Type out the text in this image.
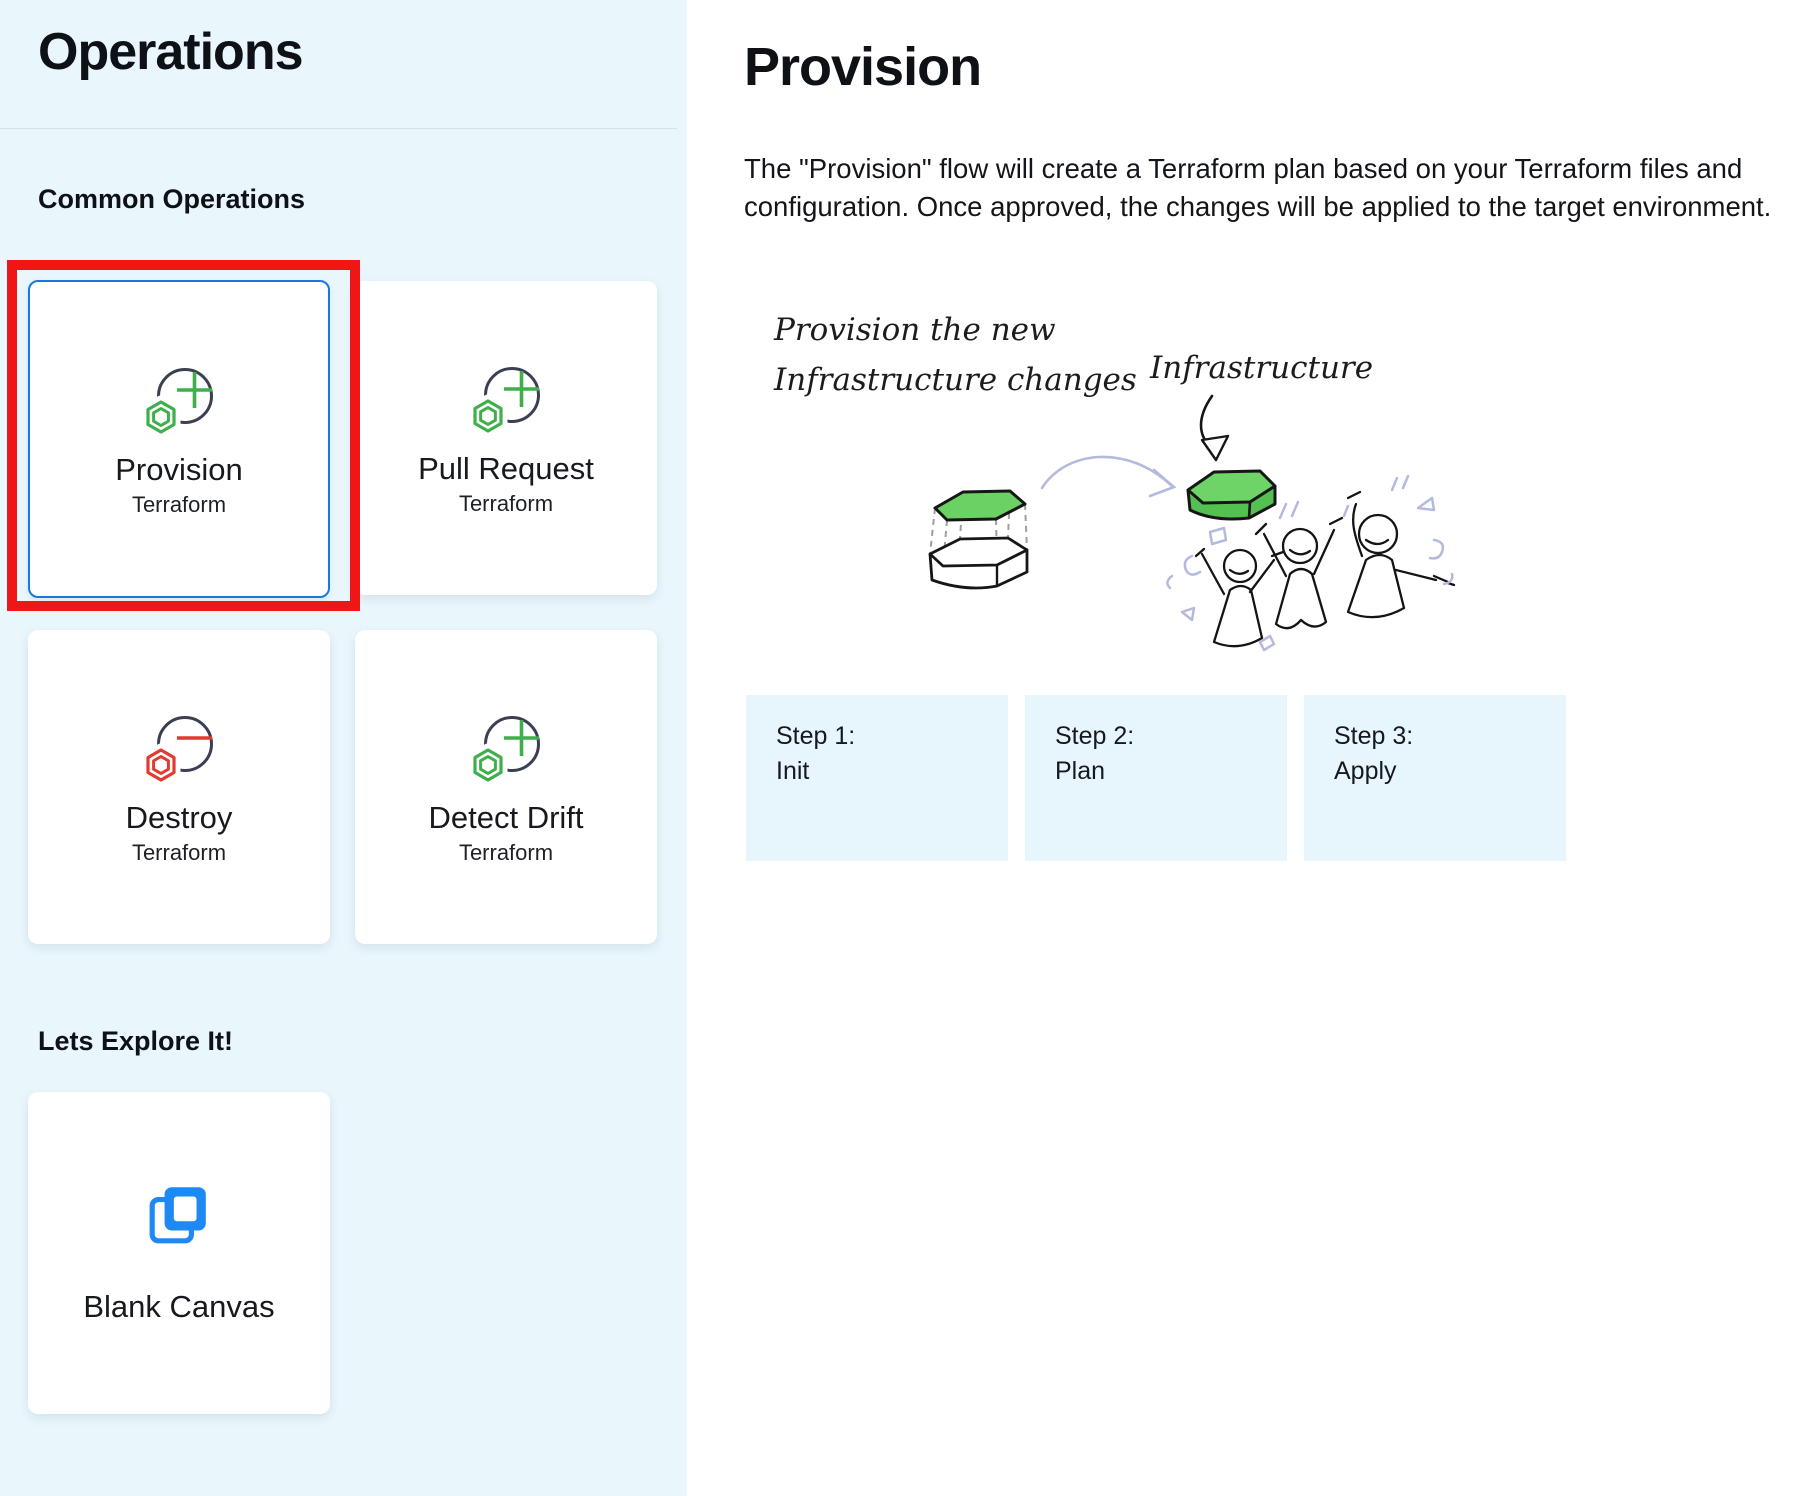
Operations
Common Operations
Provision
Terraform
Pull Request
Terraform
Destroy
Terraform
Detect Drift
Terraform
Lets Explore It!
Blank Canvas
Provision
The "Provision" flow will create a Terraform plan based on your Terraform files and configuration. Once approved, the changes will be applied to the target environment.
Provision the new
Infrastructure changes Infrastructure
Step 1:
Init
Step 2:
Plan
Step 3:
Apply
